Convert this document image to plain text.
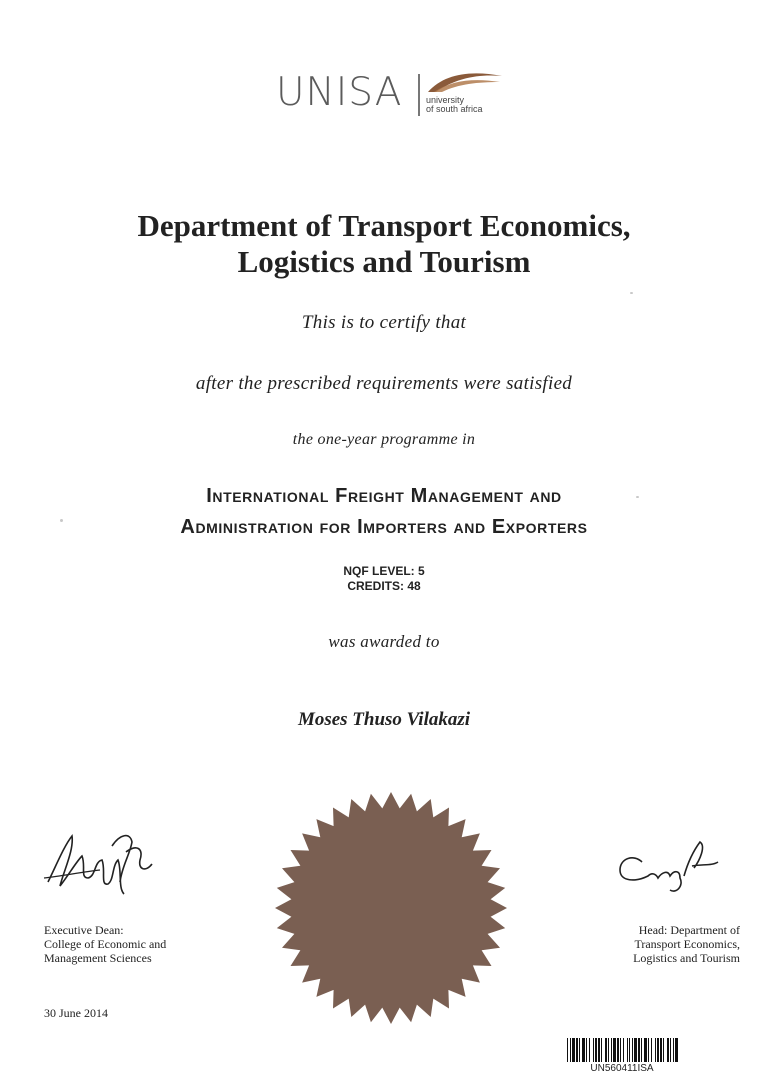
UNISA	university
of south africa
Department of Transport Economics,
Logistics and Tourism
This is to certify that
after the prescribed requirements were satisfied
the one-year programme in
International Freight Management and
Administration for Importers and Exporters
NQF LEVEL: 5
CREDITS: 48
was awarded to
Moses Thuso Vilakazi
Executive Dean:
College of Economic and
Management Sciences
Head: Department of
Transport Economics,
Logistics and Tourism
30 June 2014
UN560411ISA
